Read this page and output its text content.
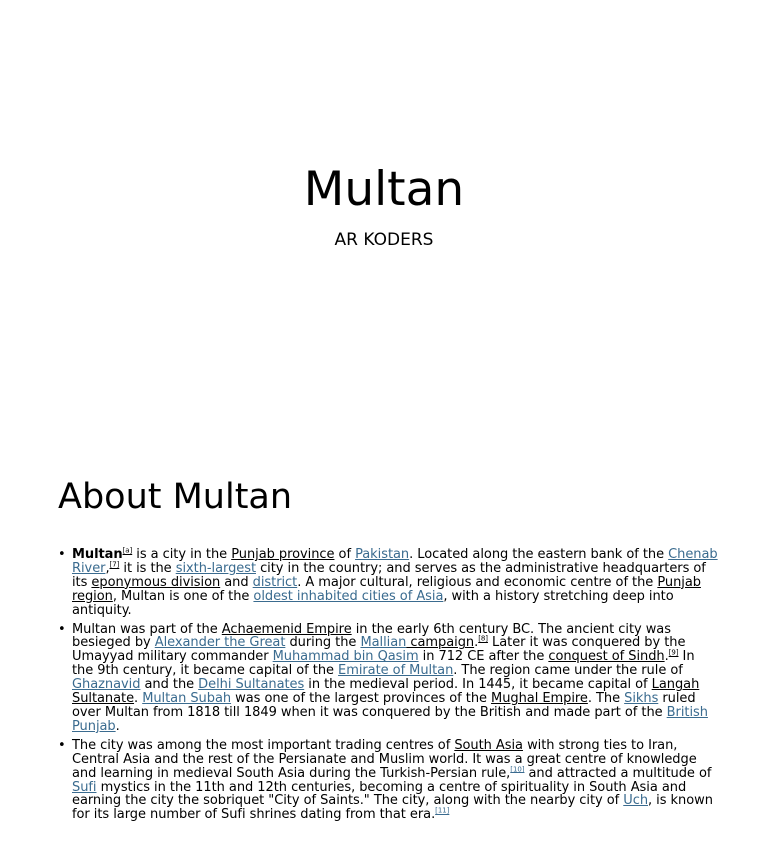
Multan
AR KODERS
About Multan
• Multan[a] is a city in the Punjab province of Pakistan. Located along the eastern bank of the Chenab River,[7] it is the sixth-largest city in the country; and serves as the administrative headquarters of its eponymous division and district. A major cultural, religious and economic centre of the Punjab region, Multan is one of the oldest inhabited cities of Asia, with a history stretching deep into antiquity.
• Multan was part of the Achaemenid Empire in the early 6th century BC. The ancient city was besieged by Alexander the Great during the Mallian campaign.[8] Later it was conquered by the Umayyad military commander Muhammad bin Qasim in 712 CE after the conquest of Sindh.[9] In the 9th century, it became capital of the Emirate of Multan. The region came under the rule of Ghaznavid and the Delhi Sultanates in the medieval period. In 1445, it became capital of Langah Sultanate. Multan Subah was one of the largest provinces of the Mughal Empire. The Sikhs ruled over Multan from 1818 till 1849 when it was conquered by the British and made part of the British Punjab.
• The city was among the most important trading centres of South Asia with strong ties to Iran, Central Asia and the rest of the Persianate and Muslim world. It was a great centre of knowledge and learning in medieval South Asia during the Turkish-Persian rule,[10] and attracted a multitude of Sufi mystics in the 11th and 12th centuries, becoming a centre of spirituality in South Asia and earning the city the sobriquet "City of Saints." The city, along with the nearby city of Uch, is known for its large number of Sufi shrines dating from that era.[11]
